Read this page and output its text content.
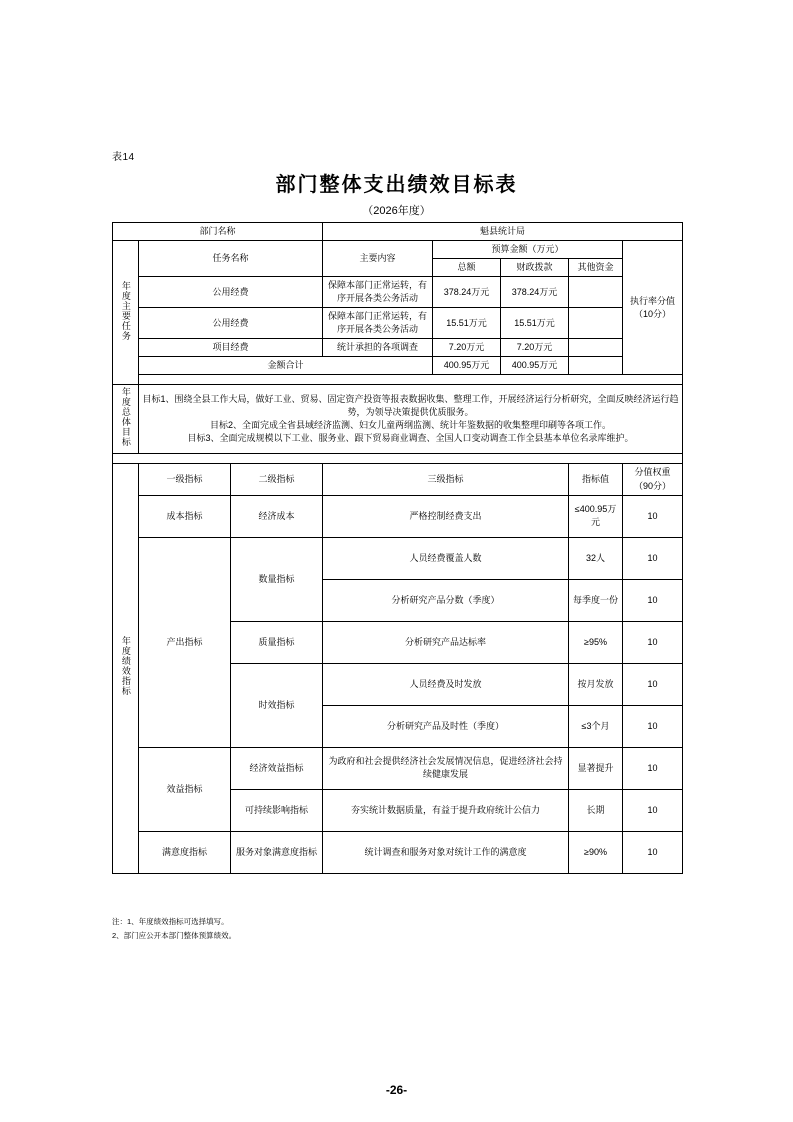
表14
部门整体支出绩效目标表
（2026年度）
部门名称			魁县统计局				
年度主要任务	任务名称		主要内容	预算金额（万元）			执行率分值（10分）
				总额	财政拨款	其他资金	
	公用经费		保障本部门正常运转，有序开展各类公务活动	378.24万元	378.24万元		
	公用经费		保障本部门正常运转，有序开展各类公务活动	15.51万元	15.51万元		
	项目经费		统计承担的各项调查	7.20万元	7.20万元		
	金额合计			400.95万元	400.95万元		

年度总体目标	目标1、围绕全县工作大局，做好工业、贸易、固定资产投资等报表数据收集、整理工作，开展经济运行分析研究，全面反映经济运行趋势，为领导决策提供优质服务。
目标2、全面完成全省县域经济监测、妇女儿童两纲监测、统计年鉴数据的收集整理印刷等各项工作。
目标3、全面完成规模以下工业、服务业、跟下贸易商业调查、全国人口变动调查工作全县基本单位名录库维护。						

年度绩效指标	一级指标	二级指标	三级指标			指标值	分值权重（90分）
	成本指标	经济成本	严格控制经费支出			≤400.95万元	10
	产出指标	数量指标	人员经费覆盖人数			32人	10
			分析研究产品分数（季度）			每季度一份	10
		质量指标	分析研究产品达标率			≥95%	10
		时效指标	人员经费及时发放			按月发放	10
			分析研究产品及时性（季度）			≤3个月	10
	效益指标	经济效益指标	为政府和社会提供经济社会发展情况信息，促进经济社会持续健康发展			显著提升	10
		可持续影响指标	夯实统计数据质量，有益于提升政府统计公信力			长期	10
	满意度指标	服务对象满意度指标	统计调查和服务对象对统计工作的满意度			≥90%	10
注：1、年度绩效指标可选择填写。
2、部门应公开本部门整体预算绩效。
-26-
